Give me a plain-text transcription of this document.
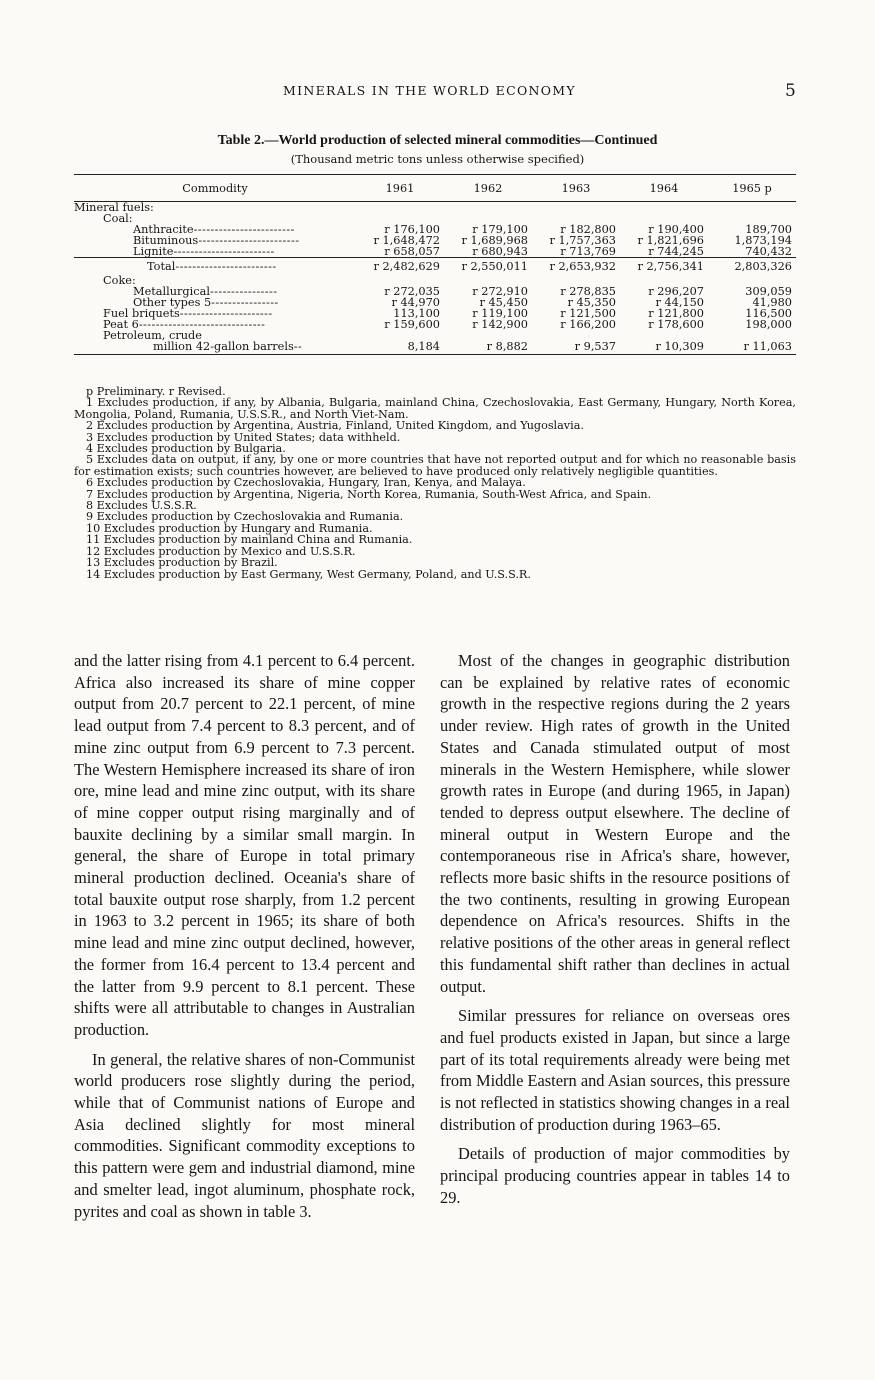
MINERALS IN THE WORLD ECONOMY	5
Table 2.—World production of selected mineral commodities—Continued
(Thousand metric tons unless otherwise specified)
Commodity	1961	1962	1963	1964	1965 p
Mineral fuels:					
Coal:					
Anthracite------------------------	r 176,100	r 179,100	r 182,800	r 190,400	189,700
Bituminous------------------------	r 1,648,472	r 1,689,968	r 1,757,363	r 1,821,696	1,873,194
Lignite------------------------	r 658,057	r 680,943	r 713,769	r 744,245	740,432
Total------------------------	r 2,482,629	r 2,550,011	r 2,653,932	r 2,756,341	2,803,326
Coke:					
Metallurgical----------------	r 272,035	r 272,910	r 278,835	r 296,207	309,059
Other types 5----------------	r 44,970	r 45,450	r 45,350	r 44,150	41,980
Fuel briquets----------------------	113,100	r 119,100	r 121,500	r 121,800	116,500
Peat 6------------------------------	r 159,600	r 142,900	r 166,200	r 178,600	198,000
Petroleum, crude					
million 42-gallon barrels--	8,184	r 8,882	r 9,537	r 10,309	r 11,063

p Preliminary. r Revised.

1 Excludes production, if any, by Albania, Bulgaria, mainland China, Czechoslovakia, East Germany, Hungary, North Korea, Mongolia, Poland, Rumania, U.S.S.R., and North Viet-Nam.

2 Excludes production by Argentina, Austria, Finland, United Kingdom, and Yugoslavia.

3 Excludes production by United States; data withheld.

4 Excludes production by Bulgaria.

5 Excludes data on output, if any, by one or more countries that have not reported output and for which no reasonable basis for estimation exists; such countries however, are believed to have produced only relatively negligible quantities.

6 Excludes production by Czechoslovakia, Hungary, Iran, Kenya, and Malaya.

7 Excludes production by Argentina, Nigeria, North Korea, Rumania, South-West Africa, and Spain.

8 Excludes U.S.S.R.

9 Excludes production by Czechoslovakia and Rumania.

10 Excludes production by Hungary and Rumania.

11 Excludes production by mainland China and Rumania.

12 Excludes production by Mexico and U.S.S.R.

13 Excludes production by Brazil.

14 Excludes production by East Germany, West Germany, Poland, and U.S.S.R.

and the latter rising from 4.1 percent to 6.4 percent. Africa also increased its share of mine copper output from 20.7 percent to 22.1 percent, of mine lead output from 7.4 percent to 8.3 percent, and of mine zinc output from 6.9 percent to 7.3 percent. The Western Hemisphere increased its share of iron ore, mine lead and mine zinc output, with its share of mine copper output rising marginally and of bauxite declining by a similar small margin. In general, the share of Europe in total primary mineral production declined. Oceania's share of total bauxite output rose sharply, from 1.2 percent in 1963 to 3.2 percent in 1965; its share of both mine lead and mine zinc output declined, however, the former from 16.4 percent to 13.4 percent and the latter from 9.9 percent to 8.1 percent. These shifts were all attributable to changes in Australian production.

In general, the relative shares of non-Communist world producers rose slightly during the period, while that of Communist nations of Europe and Asia declined slightly for most mineral commodities. Significant commodity exceptions to this pattern were gem and industrial diamond, mine and smelter lead, ingot aluminum, phosphate rock, pyrites and coal as shown in table 3.

Most of the changes in geographic distribution can be explained by relative rates of economic growth in the respective regions during the 2 years under review. High rates of growth in the United States and Canada stimulated output of most minerals in the Western Hemisphere, while slower growth rates in Europe (and during 1965, in Japan) tended to depress output elsewhere. The decline of mineral output in Western Europe and the contemporaneous rise in Africa's share, however, reflects more basic shifts in the resource positions of the two continents, resulting in growing European dependence on Africa's resources. Shifts in the relative positions of the other areas in general reflect this fundamental shift rather than declines in actual output.

Similar pressures for reliance on overseas ores and fuel products existed in Japan, but since a large part of its total requirements already were being met from Middle Eastern and Asian sources, this pressure is not reflected in statistics showing changes in a real distribution of production during 1963–65.

Details of production of major commodities by principal producing countries appear in tables 14 to 29.
